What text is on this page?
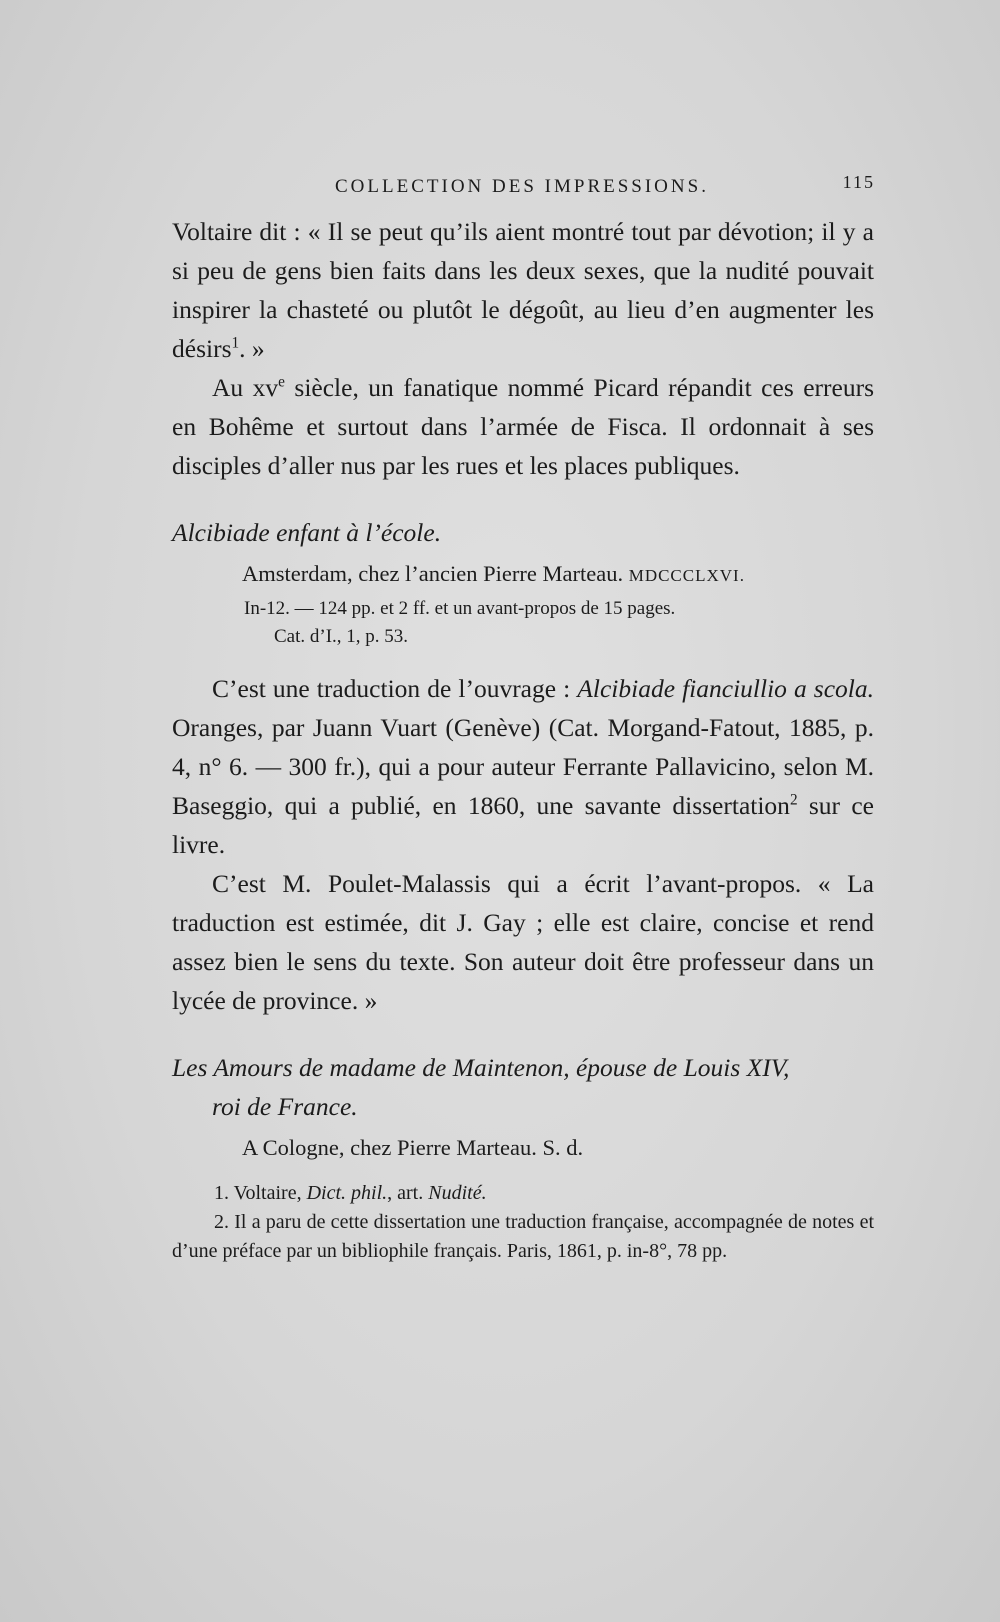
COLLECTION DES IMPRESSIONS.	115

Voltaire dit : « Il se peut qu’ils aient montré tout par dévotion; il y a si peu de gens bien faits dans les deux sexes, que la nudité pouvait inspirer la chasteté ou plutôt le dégoût, au lieu d’en augmenter les désirs$^1$. »

Au $xv^e$ siècle, un fanatique nommé Picard répandit ces erreurs en Bohême et surtout dans l’armée de Fisca. Il ordonnait à ses disciples d’aller nus par les rues et les places publiques.

Alcibiade enfant à l’école.

Amsterdam, chez l’ancien Pierre Marteau. MDCCCLXVI.

In-12. — 124 pp. et 2 ff. et un avant-propos de 15 pages.
Cat. d’I., 1, p. 53.

C’est une traduction de l’ouvrage : Alcibiade fianciullio a scola. Oranges, par Juann Vuart (Genève) (Cat. Morgand-Fatout, 1885, p. 4, n° 6. — 300 fr.), qui a pour auteur Ferrante Pallavicino, selon M. Baseggio, qui a publié, en 1860, une savante dissertation$^2$ sur ce livre.

C’est M. Poulet-Malassis qui a écrit l’avant-propos. « La traduction est estimée, dit J. Gay ; elle est claire, concise et rend assez bien le sens du texte. Son auteur doit être professeur dans un lycée de province. »

Les Amours de madame de Maintenon, épouse de Louis XIV,
roi de France.

A Cologne, chez Pierre Marteau. S. d.

1. Voltaire, Dict. phil., art. Nudité.
2. Il a paru de cette dissertation une traduction française, accompagnée de notes et d’une préface par un bibliophile français. Paris, 1861, p. in-8°, 78 pp.
